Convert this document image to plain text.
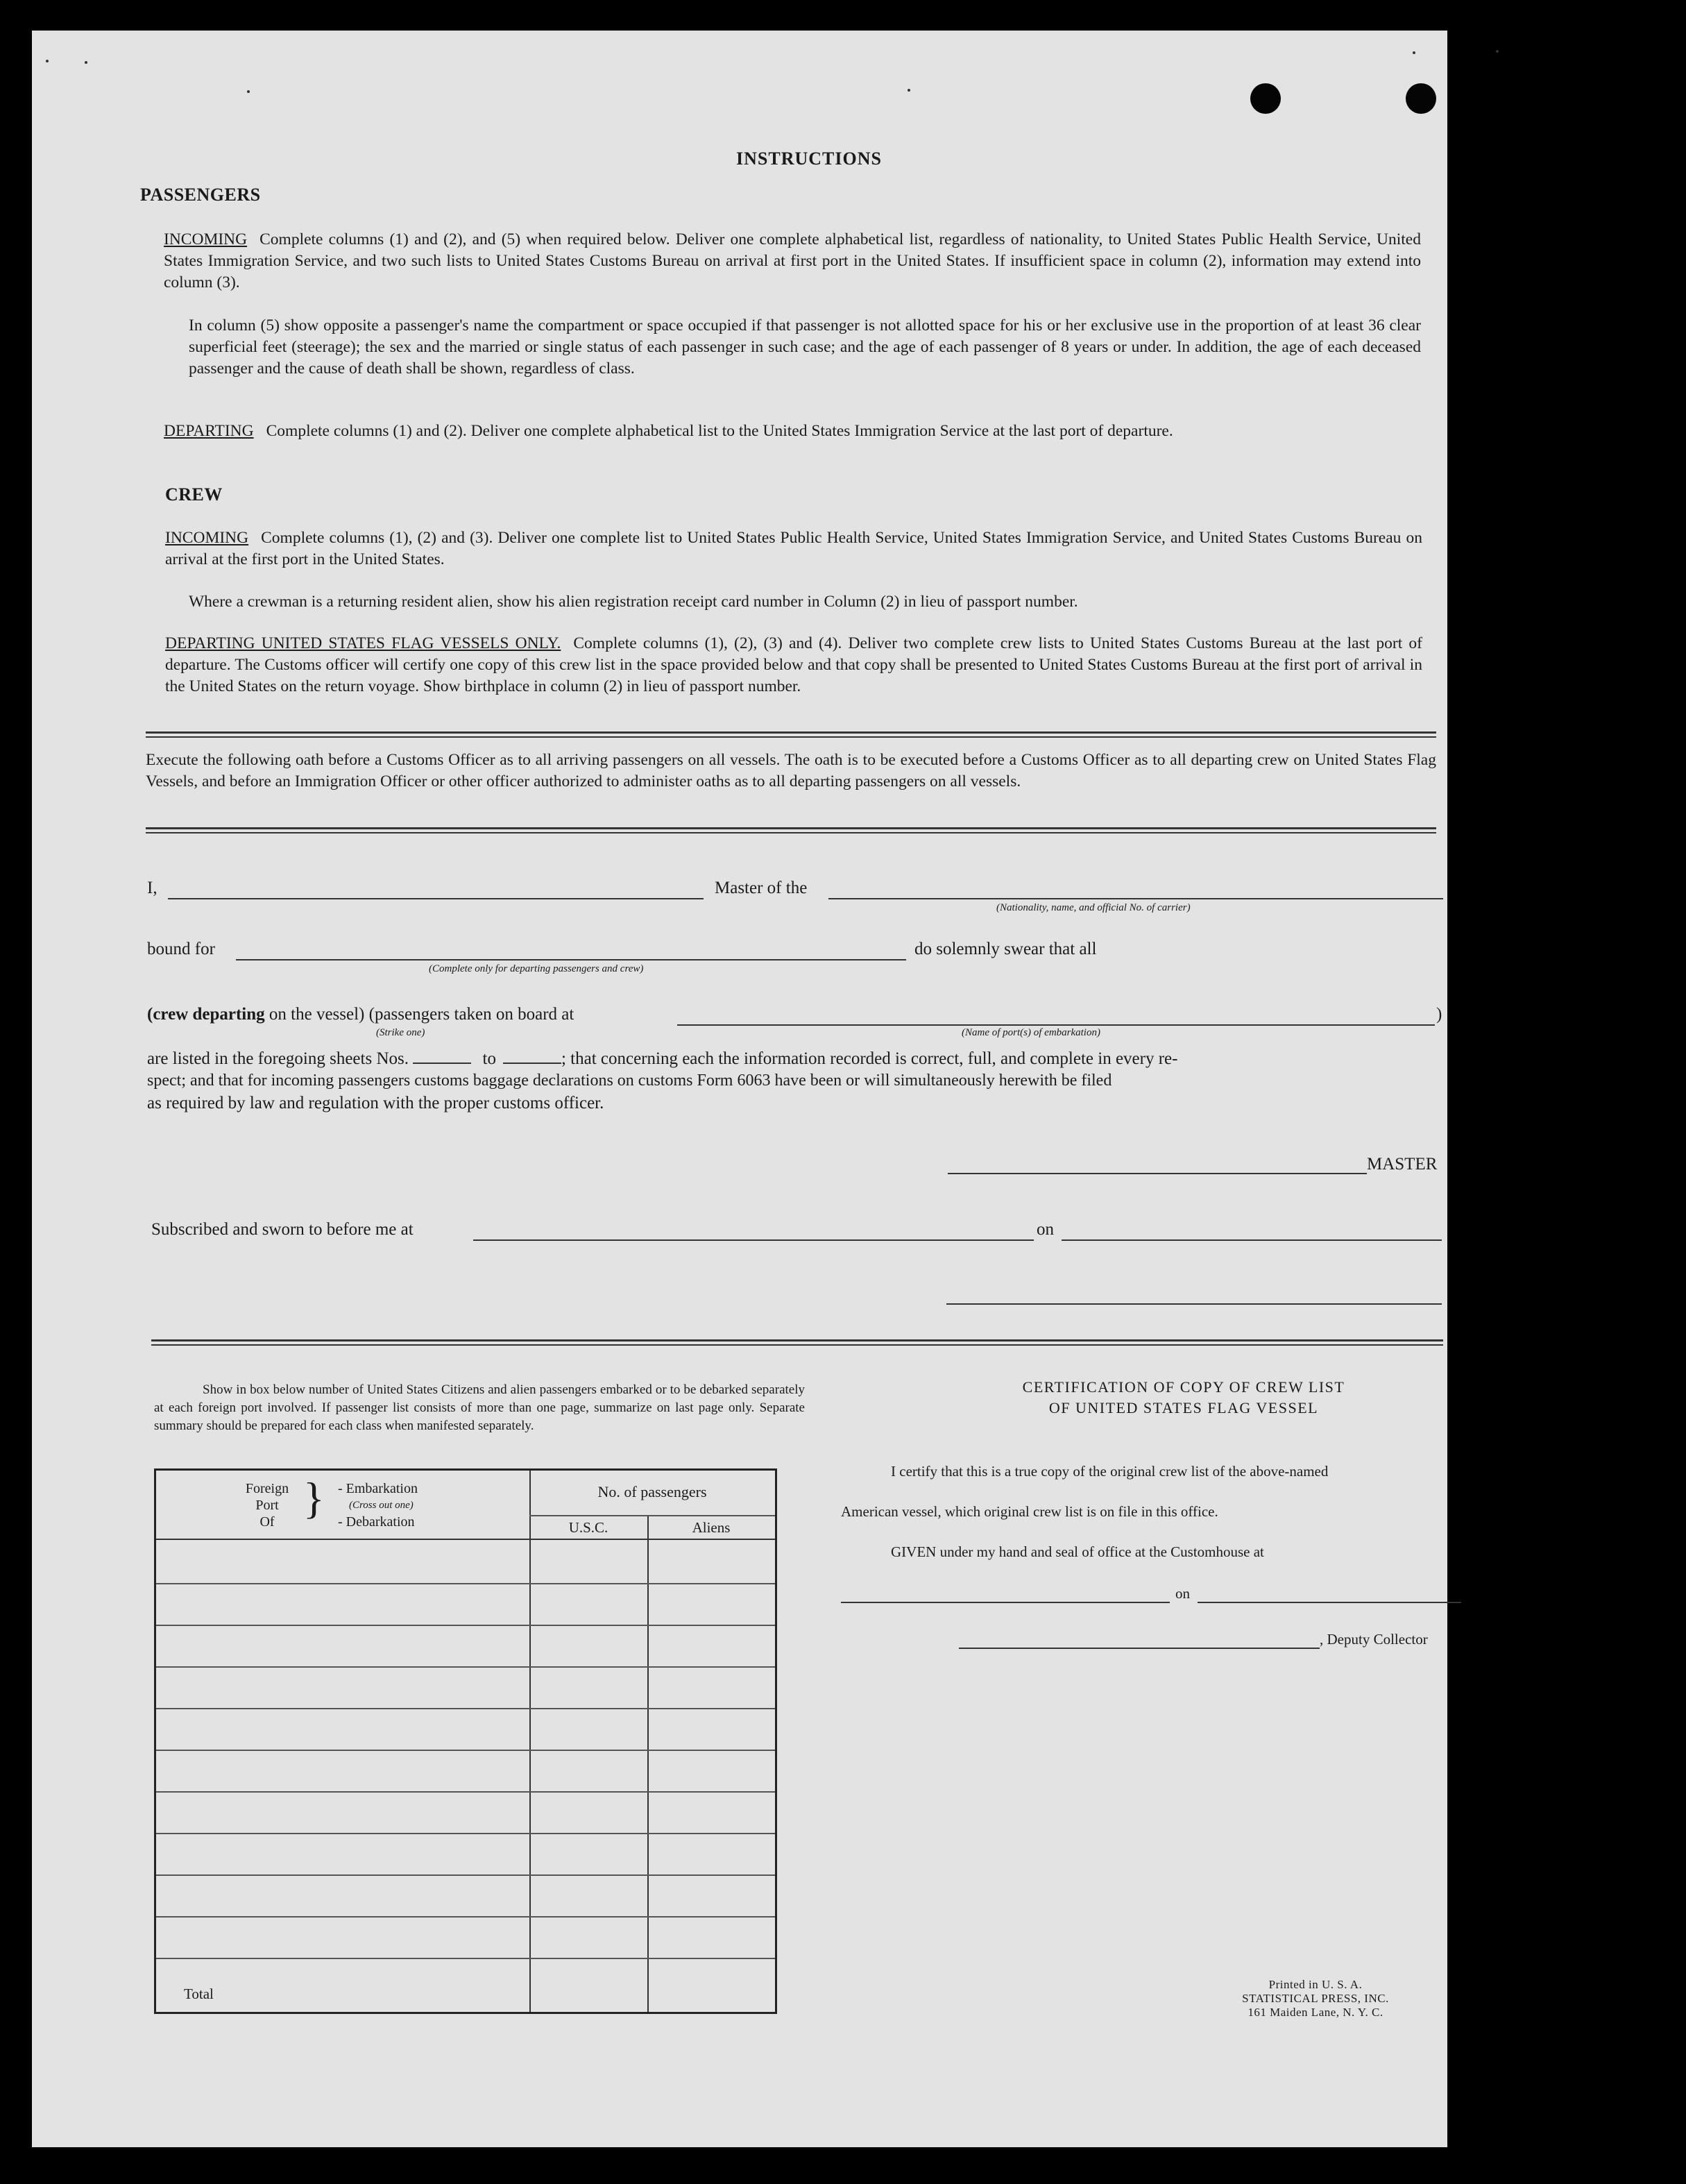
INSTRUCTIONS
PASSENGERS
INCOMING Complete columns (1) and (2), and (5) when required below. Deliver one complete alphabetical list, regardless of nationality, to United States Public Health Service, United States Immigration Service, and two such lists to United States Customs Bureau on arrival at first port in the United States. If insufficient space in column (2), information may extend into column (3).
In column (5) show opposite a passenger's name the compartment or space occupied if that passenger is not allotted space for his or her exclusive use in the proportion of at least 36 clear superficial feet (steerage); the sex and the married or single status of each passenger in such case; and the age of each passenger of 8 years or under. In addition, the age of each deceased passenger and the cause of death shall be shown, regardless of class.
DEPARTING Complete columns (1) and (2). Deliver one complete alphabetical list to the United States Immigration Service at the last port of departure.
CREW
INCOMING Complete columns (1), (2) and (3). Deliver one complete list to United States Public Health Service, United States Immigration Service, and United States Customs Bureau on arrival at the first port in the United States.
Where a crewman is a returning resident alien, show his alien registration receipt card number in Column (2) in lieu of passport number.
DEPARTING UNITED STATES FLAG VESSELS ONLY. Complete columns (1), (2), (3) and (4). Deliver two complete crew lists to United States Customs Bureau at the last port of departure. The Customs officer will certify one copy of this crew list in the space provided below and that copy shall be presented to United States Customs Bureau at the first port of arrival in the United States on the return voyage. Show birthplace in column (2) in lieu of passport number.
Execute the following oath before a Customs Officer as to all arriving passengers on all vessels. The oath is to be executed before a Customs Officer as to all departing crew on United States Flag Vessels, and before an Immigration Officer or other officer authorized to administer oaths as to all departing passengers on all vessels.
I,	Master of the
(Nationality, name, and official No. of carrier)
bound for
(Complete only for departing passengers and crew)
do solemnly swear that all
(crew departing on the vessel) (passengers taken on board at	)
(Strike one)	(Name of port(s) of embarkation)
are listed in the foregoing sheets Nos.	to	; that concerning each the information recorded is correct, full, and complete in every re-
spect; and that for incoming passengers customs baggage declarations on customs Form 6063 have been or will simultaneously herewith be filed
as required by law and regulation with the proper customs officer.
MASTER
Subscribed and sworn to before me at	on
Show in box below number of United States Citizens and alien passengers embarked or to be debarked separately at each foreign port involved. If passenger list consists of more than one page, summarize on last page only. Separate summary should be prepared for each class when manifested separately.
Foreign
Port
Of } - Embarkation
(Cross out one)
- Debarkation
No. of passengers
U.S.C.	Aliens
Total
CERTIFICATION OF COPY OF CREW LIST
OF UNITED STATES FLAG VESSEL
I certify that this is a true copy of the original crew list of the above-named
American vessel, which original crew list is on file in this office.
GIVEN under my hand and seal of office at the Customhouse at
on
, Deputy Collector
Printed in U. S. A.
STATISTICAL PRESS, INC.
161 Maiden Lane, N. Y. C.
